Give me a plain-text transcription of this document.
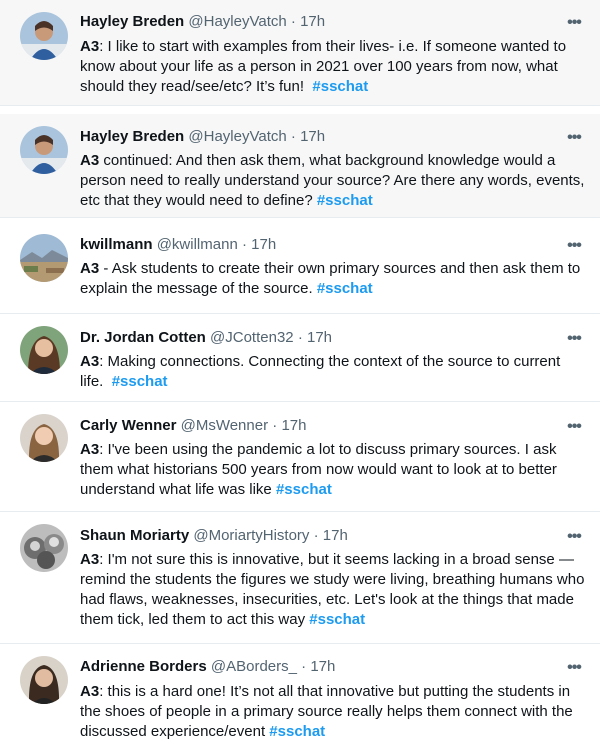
Hayley Breden @HayleyVatch · 17h	•••
A3: I like to start with examples from their lives- i.e. If someone wanted to know about your life as a person in 2021 over 100 years from now, what should they read/see/etc? It’s fun! #sschat
Hayley Breden @HayleyVatch · 17h	•••
A3 continued: And then ask them, what background knowledge would a person need to really understand your source? Are there any words, events, etc that they would need to define? #sschat
kwillmann @kwillmann · 17h	•••
A3 - Ask students to create their own primary sources and then ask them to explain the message of the source. #sschat
Dr. Jordan Cotten @JCotten32 · 17h	•••
A3: Making connections. Connecting the context of the source to current life. #sschat
Carly Wenner @MsWenner · 17h	•••
A3: I've been using the pandemic a lot to discuss primary sources. I ask them what historians 500 years from now would want to look at to better understand what life was like #sschat
Shaun Moriarty @MoriartyHistory · 17h	•••
A3: I'm not sure this is innovative, but it seems lacking in a broad sense — remind the students the figures we study were living, breathing humans who had flaws, weaknesses, insecurities, etc. Let's look at the things that made them tick, led them to act this way #sschat
Adrienne Borders @ABorders_ · 17h	•••
A3: this is a hard one! It’s not all that innovative but putting the students in the shoes of people in a primary source really helps them connect with the discussed experience/event #sschat
